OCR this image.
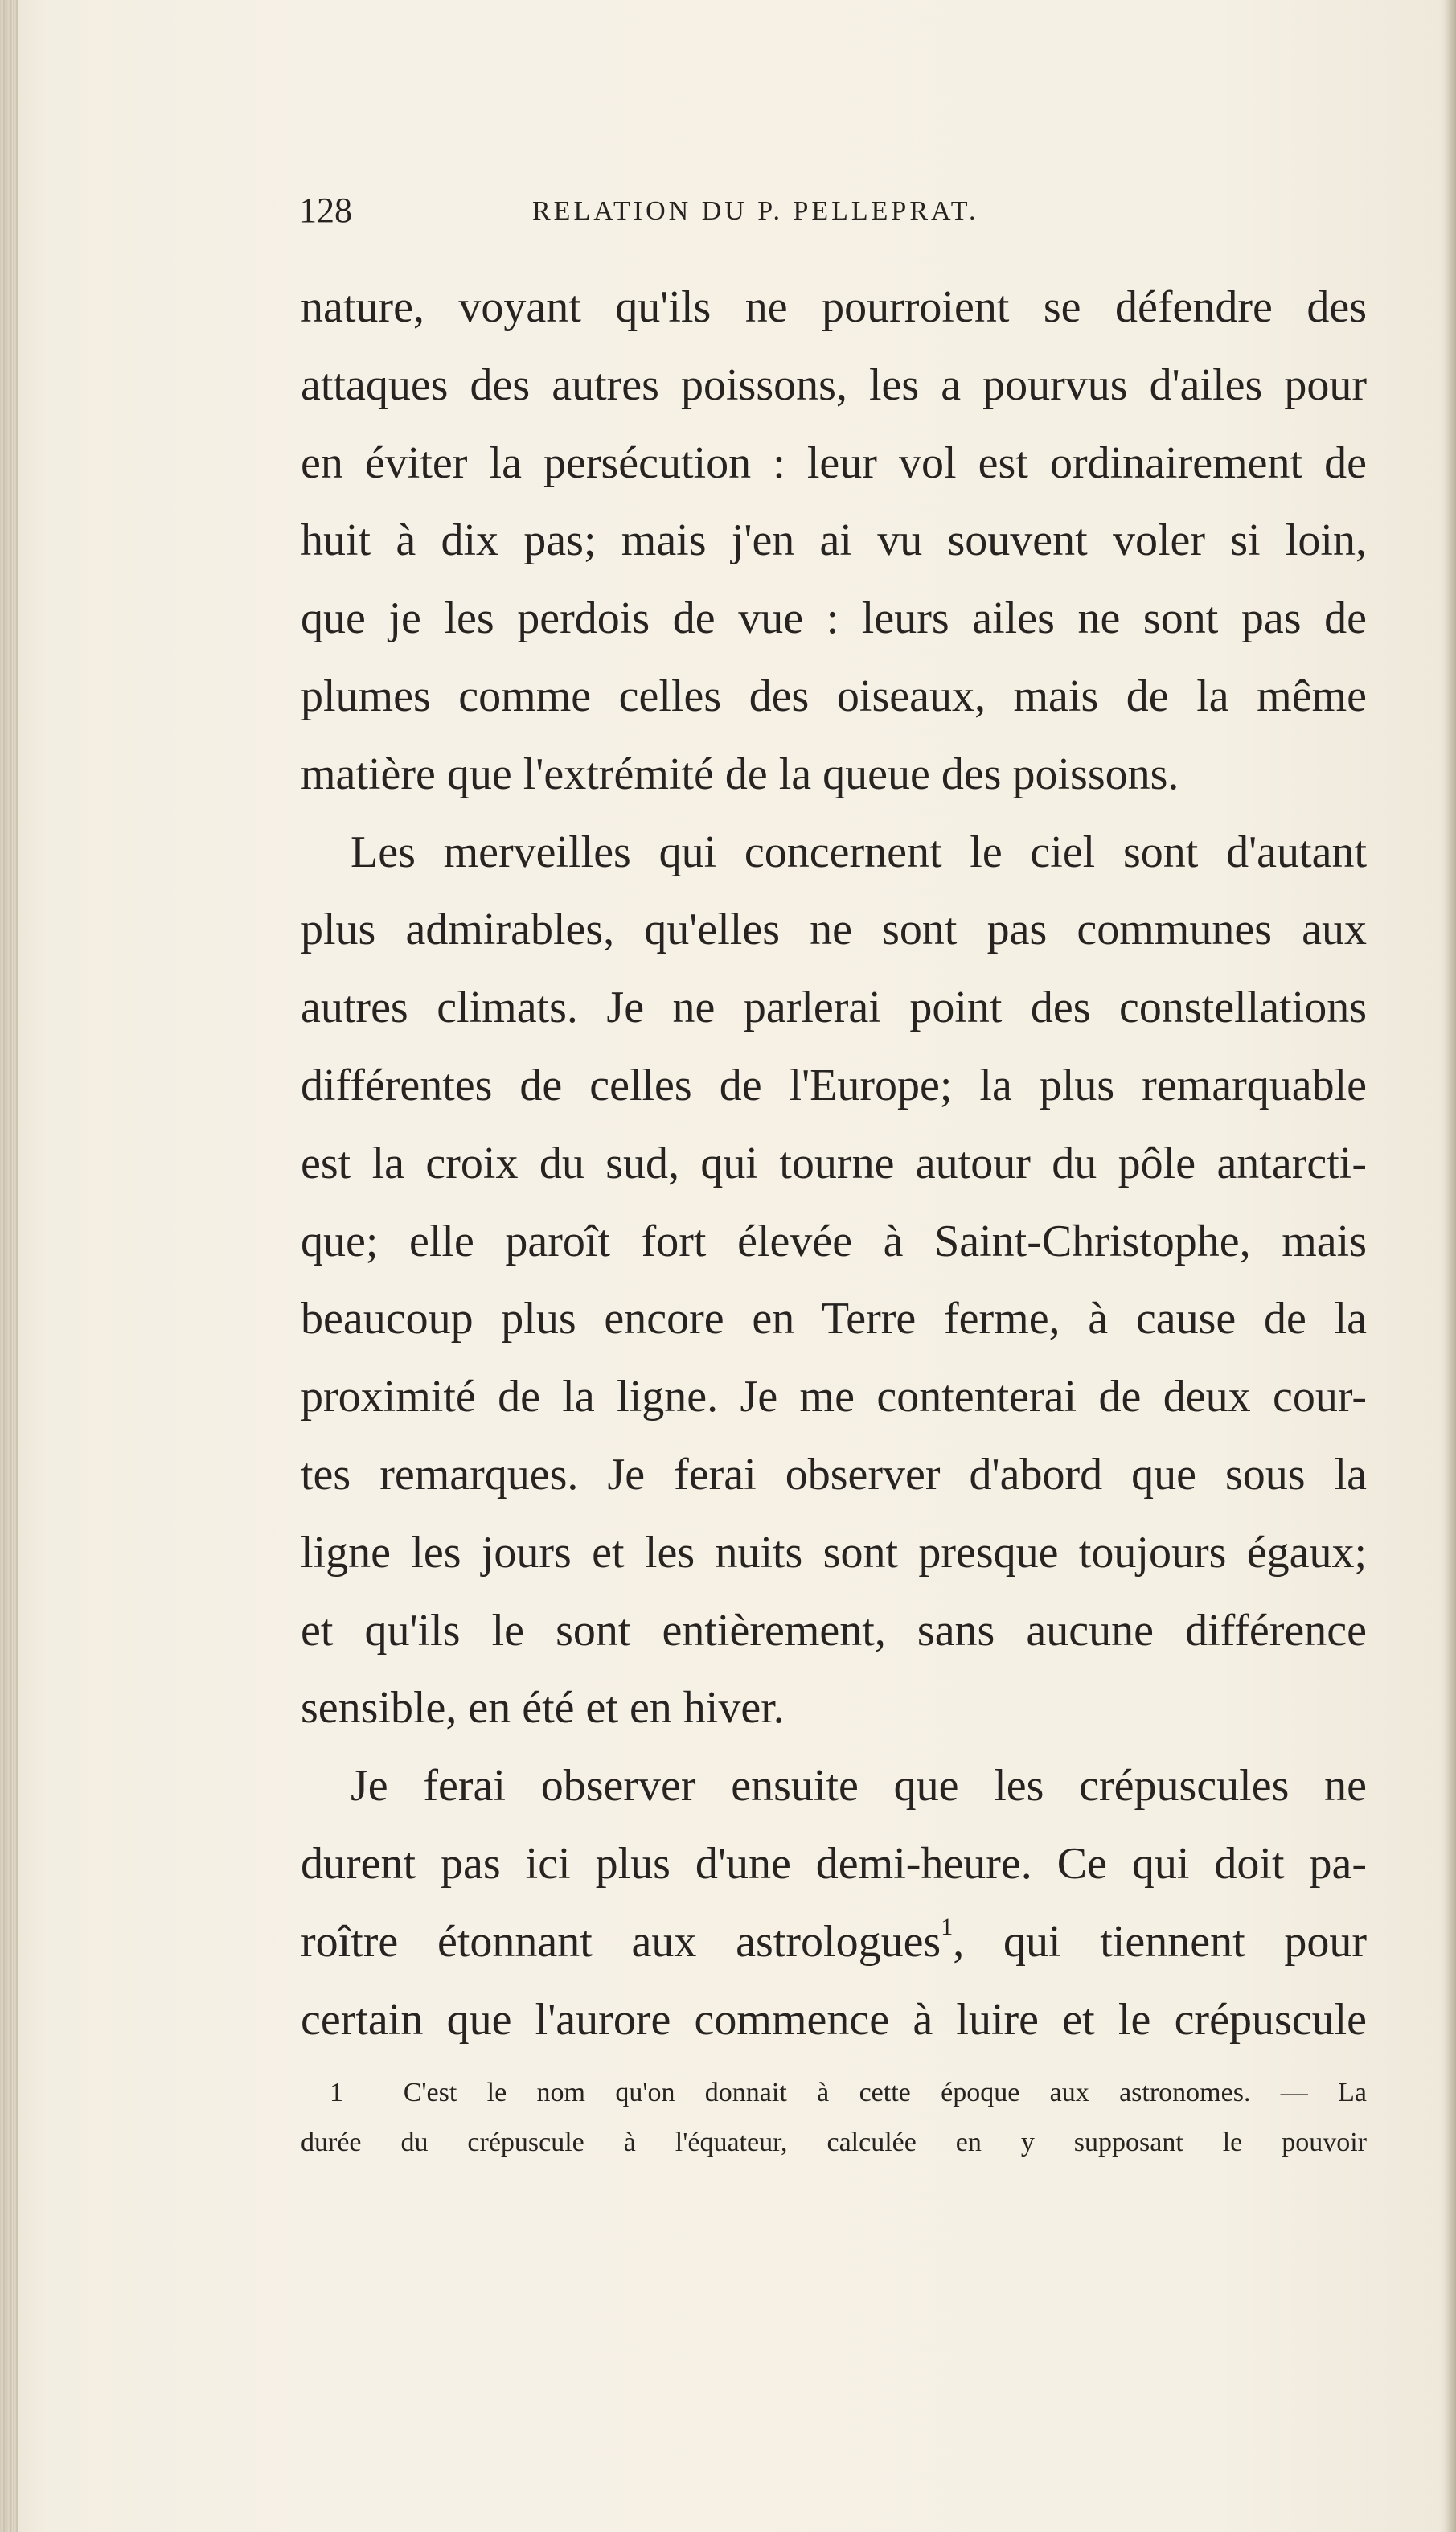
128	RELATION DU P. PELLEPRAT.
nature, voyant qu'ils ne pourroient se défendre des
attaques des autres poissons, les a pourvus d'ailes pour
en éviter la persécution : leur vol est ordinairement de
huit à dix pas; mais j'en ai vu souvent voler si loin,
que je les perdois de vue : leurs ailes ne sont pas de
plumes comme celles des oiseaux, mais de la même
matière que l'extrémité de la queue des poissons.
Les merveilles qui concernent le ciel sont d'autant
plus admirables, qu'elles ne sont pas communes aux
autres climats. Je ne parlerai point des constellations
différentes de celles de l'Europe; la plus remarquable
est la croix du sud, qui tourne autour du pôle antarcti-
que; elle paroît fort élevée à Saint-Christophe, mais
beaucoup plus encore en Terre ferme, à cause de la
proximité de la ligne. Je me contenterai de deux cour-
tes remarques. Je ferai observer d'abord que sous la
ligne les jours et les nuits sont presque toujours égaux;
et qu'ils le sont entièrement, sans aucune différence
sensible, en été et en hiver.
Je ferai observer ensuite que les crépuscules ne
durent pas ici plus d'une demi-heure. Ce qui doit pa-
roître étonnant aux astrologues$^1$, qui tiennent pour
certain que l'aurore commence à luire et le crépuscule
1 C'est le nom qu'on donnait à cette époque aux astronomes. — La
durée du crépuscule à l'équateur, calculée en y supposant le pouvoir
